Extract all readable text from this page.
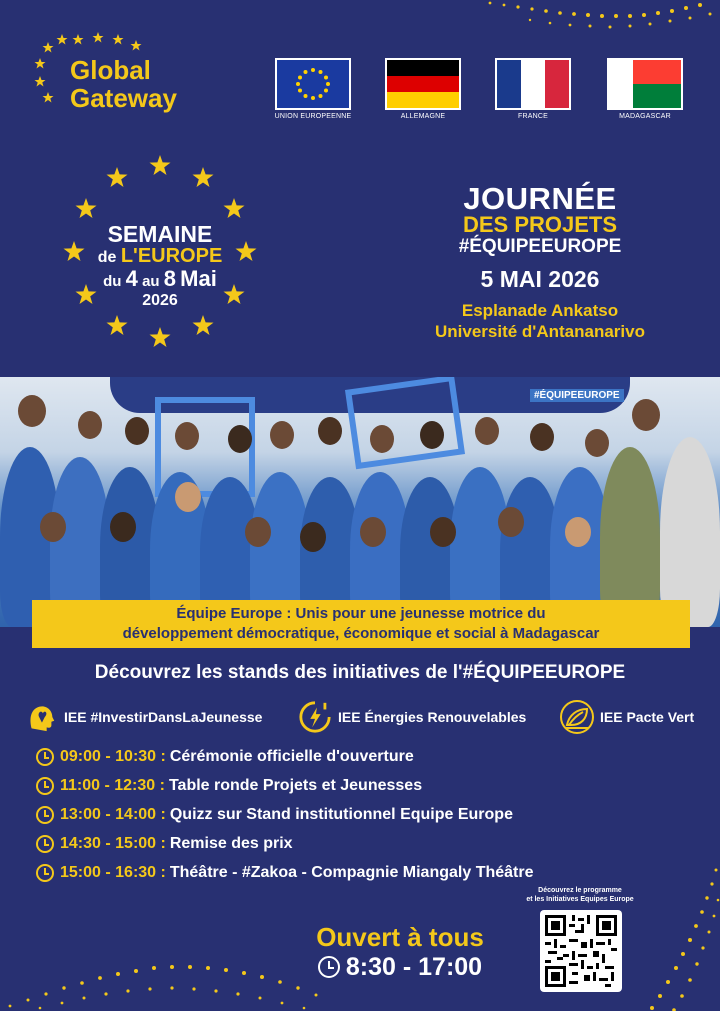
Global
Gateway
UNION EUROPEENNE	ALLEMAGNE	FRANCE	MADAGASCAR
SEMAINE
de L'EUROPE
du 4 au 8 Mai
2026
JOURNÉE
DES PROJETS
#ÉQUIPEEUROPE
5 MAI 2026
Esplanade Ankatso
Université d'Antananarivo
#ÉQUIPEEUROPE
Équipe Europe : Unis pour une jeunesse motrice du
développement démocratique, économique et social à Madagascar
Découvrez les stands des initiatives de l'#ÉQUIPEEUROPE
IEE #InvestirDansLaJeunesse	IEE Énergies Renouvelables	IEE Pacte Vert
09:00 - 10:30 : Cérémonie officielle d'ouverture
11:00 - 12:30 : Table ronde Projets et Jeunesses
13:00 - 14:00 : Quizz sur Stand institutionnel Equipe Europe
14:30 - 15:00 : Remise des prix
15:00 - 16:30 : Théâtre - #Zakoa - Compagnie Miangaly Théâtre
Ouvert à tous
8:30 - 17:00
Découvrez le programme
et les Initiatives Equipes Europe
